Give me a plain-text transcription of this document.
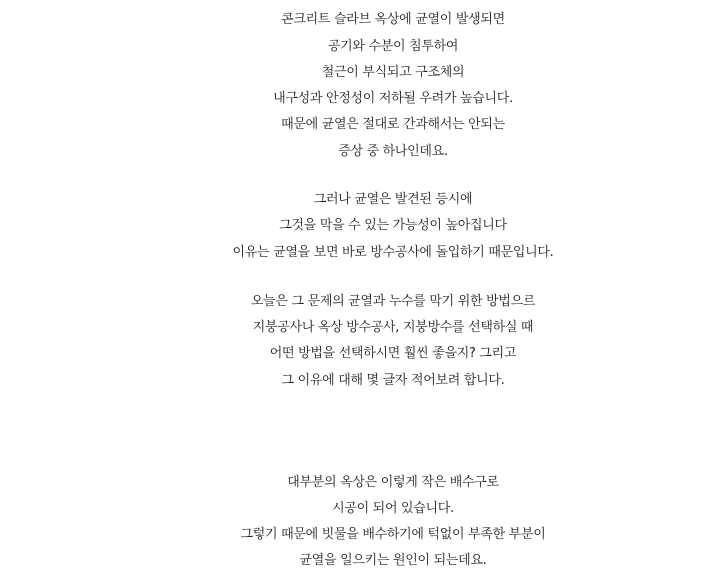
콘크리트 슬라브 옥상에 균열이 발생되면
공기와 수분이 침투하여
철근이 부식되고 구조체의
내구성과 안정성이 저하될 우려가 높습니다.
때문에 균열은 절대로 간과해서는 안되는
증상 중 하나인데요.
그러나 균열은 발견된 등시에
그것을 막을 수 있는 가능성이 높아집니다
이유는 균열을 보면 바로 방수공사에 돌입하기 때문입니다.
오늘은 그 문제의 균열과 누수를 막기 위한 방법으르
지붕공사나 옥상 방수공사, 지붕방수를 선택하실 때
어떤 방법을 선택하시면 훨씬 좋을지? 그리고
그 이유에 대해 몇 글자 적어보려 합니다.
대부분의 옥상은 이렇게 작은 배수구로
시공이 되어 있습니다.
그렇기 때문에 빗물을 배수하기에 턱없이 부족한 부분이
균열을 일으키는 원인이 되는데요.
